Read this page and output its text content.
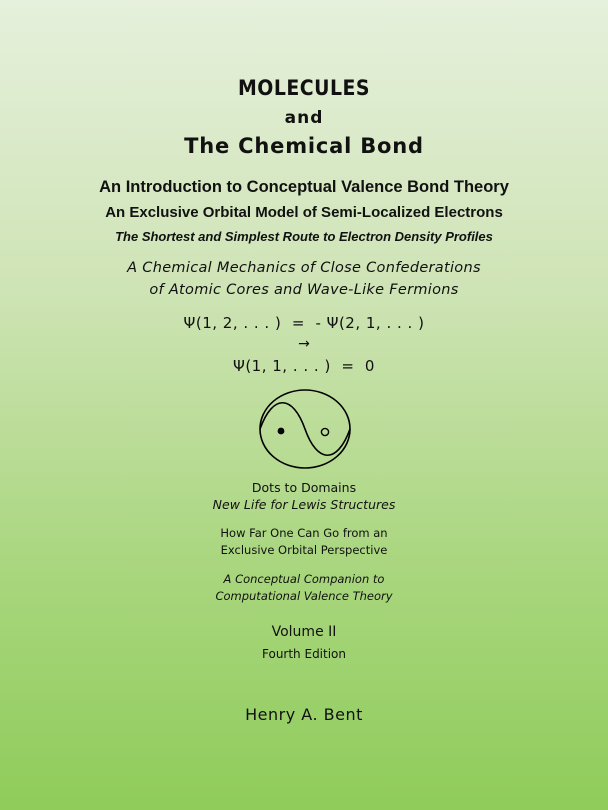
MOLECULES
and
The Chemical Bond
An Introduction to Conceptual Valence Bond Theory
An Exclusive Orbital Model of Semi-Localized Electrons
The Shortest and Simplest Route to Electron Density Profiles
A Chemical Mechanics of Close Confederations
of Atomic Cores and Wave-Like Fermions
Ψ(1, 2, . . . )  =  - Ψ(2, 1, . . . )
→
Ψ(1, 1, . . . )  =  0
Dots to Domains
New Life for Lewis Structures
How Far One Can Go from an
Exclusive Orbital Perspective
A Conceptual Companion to
Computational Valence Theory
Volume II
Fourth Edition
Henry A. Bent
